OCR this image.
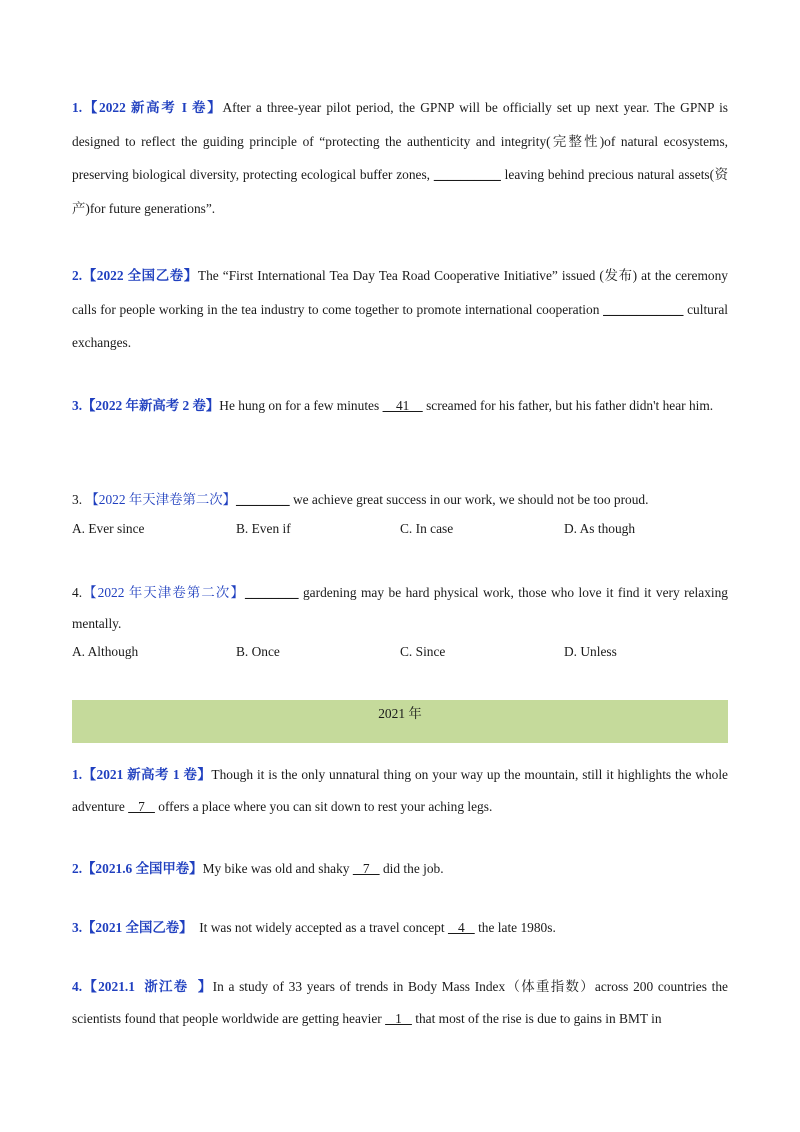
1.【2022 新高考 I 卷】After a three-year pilot period, the GPNP will be officially set up next year. The GPNP is designed to reflect the guiding principle of “protecting the authenticity and integrity(完整性)of natural ecosystems, preserving biological diversity, protecting ecological buffer zones, __________ leaving behind precious natural assets(资产)for future generations”.
2.【2022 全国乙卷】The “First International Tea Day Tea Road Cooperative Initiative” issued (发布) at the ceremony calls for people working in the tea industry to come together to promote international cooperation ____________ cultural exchanges.
3.【2022 年新高考 2 卷】He hung on for a few minutes     41     screamed for his father, but his father didn't hear him.
3. 【2022 年天津卷第二次】________ we achieve great success in our work, we should not be too proud.
A. Ever since	B. Even if	C. In case	D. As though
4.【2022 年天津卷第二次】________ gardening may be hard physical work, those who love it find it very relaxing mentally.
A. Although	B. Once	C. Since	D. Unless
2021 年
1.【2021 新高考 1 卷】Though it is the only unnatural thing on your way up the mountain, still it highlights the whole adventure    7    offers a place where you can sit down to rest your aching legs.
2.【2021.6 全国甲卷】My bike was old and shaky    7    did the job.
3.【2021 全国乙卷】  It was not widely accepted as a travel concept    4    the late 1980s.
4.【2021.1  浙江卷  】In a study of 33 years of trends in Body Mass Index（体重指数）across 200 countries the scientists found that people worldwide are getting heavier    1    that most of the rise is due to gains in BMT in
